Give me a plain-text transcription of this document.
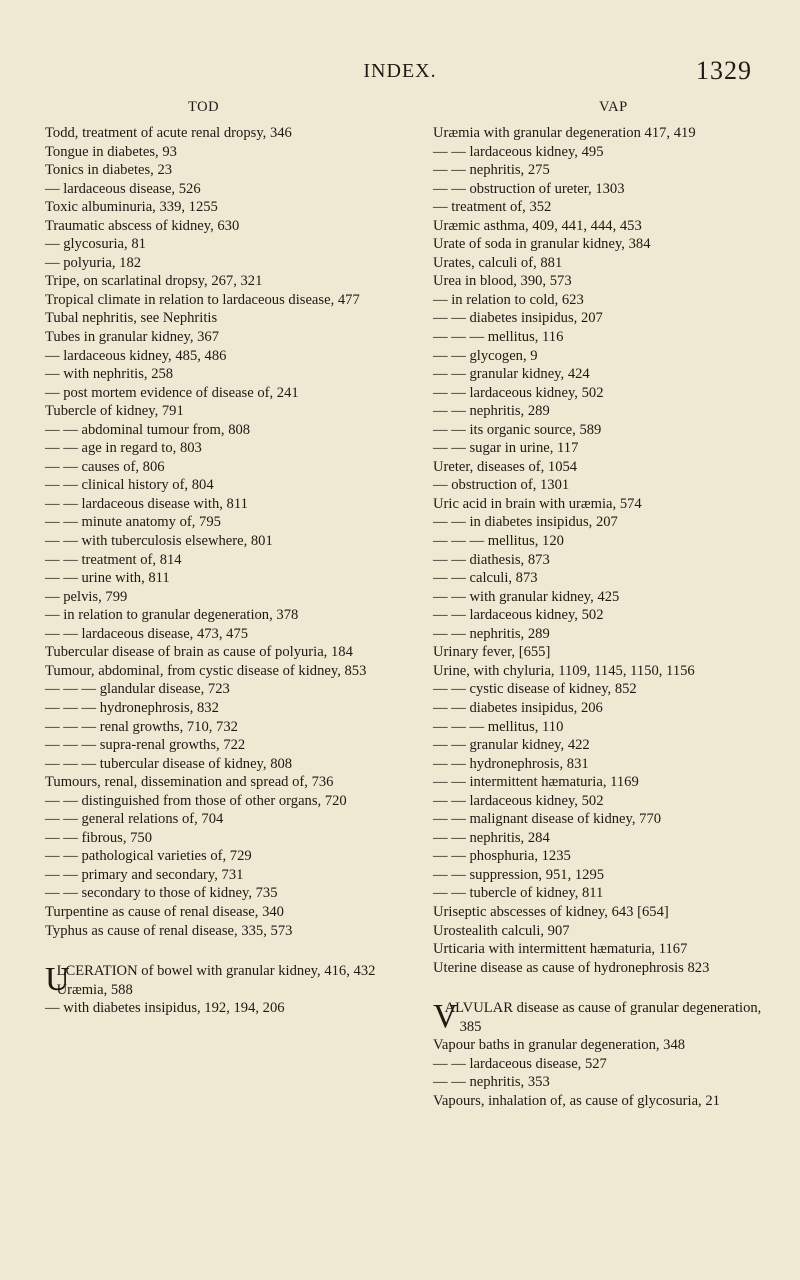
INDEX.	1329
TOD	VAP
Todd, treatment of acute renal dropsy, 346
Tongue in diabetes, 93
Tonics in diabetes, 23
— lardaceous disease, 526
Toxic albuminuria, 339, 1255
Traumatic abscess of kidney, 630
— glycosuria, 81
— polyuria, 182
Tripe, on scarlatinal dropsy, 267, 321
Tropical climate in relation to lardaceous disease, 477
Tubal nephritis, see Nephritis
Tubes in granular kidney, 367
— lardaceous kidney, 485, 486
— with nephritis, 258
— post mortem evidence of disease of, 241
Tubercle of kidney, 791
— — abdominal tumour from, 808
— — age in regard to, 803
— — causes of, 806
— — clinical history of, 804
— — lardaceous disease with, 811
— — minute anatomy of, 795
— — with tuberculosis elsewhere, 801
— — treatment of, 814
— — urine with, 811
— pelvis, 799
— in relation to granular degeneration, 378
— — lardaceous disease, 473, 475
Tubercular disease of brain as cause of polyuria, 184
Tumour, abdominal, from cystic disease of kidney, 853
— — — glandular disease, 723
— — — hydronephrosis, 832
— — — renal growths, 710, 732
— — — supra-renal growths, 722
— — — tubercular disease of kidney, 808
Tumours, renal, dissemination and spread of, 736
— — distinguished from those of other organs, 720
— — general relations of, 704
— — fibrous, 750
— — pathological varieties of, 729
— — primary and secondary, 731
— — secondary to those of kidney, 735
Turpentine as cause of renal disease, 340
Typhus as cause of renal disease, 335, 573
U
LCERATION of bowel with granular kidney, 416, 432
Uræmia, 588
— with diabetes insipidus, 192, 194, 206
Uræmia with granular degeneration 417, 419
— — lardaceous kidney, 495
— — nephritis, 275
— — obstruction of ureter, 1303
— treatment of, 352
Uræmic asthma, 409, 441, 444, 453
Urate of soda in granular kidney, 384
Urates, calculi of, 881
Urea in blood, 390, 573
— in relation to cold, 623
— — diabetes insipidus, 207
— — — mellitus, 116
— — glycogen, 9
— — granular kidney, 424
— — lardaceous kidney, 502
— — nephritis, 289
— — its organic source, 589
— — sugar in urine, 117
Ureter, diseases of, 1054
— obstruction of, 1301
Uric acid in brain with uræmia, 574
— — in diabetes insipidus, 207
— — — mellitus, 120
— — diathesis, 873
— — calculi, 873
— — with granular kidney, 425
— — lardaceous kidney, 502
— — nephritis, 289
Urinary fever, [655]
Urine, with chyluria, 1109, 1145, 1150, 1156
— — cystic disease of kidney, 852
— — diabetes insipidus, 206
— — — mellitus, 110
— — granular kidney, 422
— — hydronephrosis, 831
— — intermittent hæmaturia, 1169
— — lardaceous kidney, 502
— — malignant disease of kidney, 770
— — nephritis, 284
— — phosphuria, 1235
— — suppression, 951, 1295
— — tubercle of kidney, 811
Uriseptic abscesses of kidney, 643 [654]
Urostealith calculi, 907
Urticaria with intermittent hæmaturia, 1167
Uterine disease as cause of hydronephrosis 823
V
ALVULAR disease as cause of granular degeneration, 385
Vapour baths in granular degeneration, 348
— — lardaceous disease, 527
— — nephritis, 353
Vapours, inhalation of, as cause of glycosuria, 21
